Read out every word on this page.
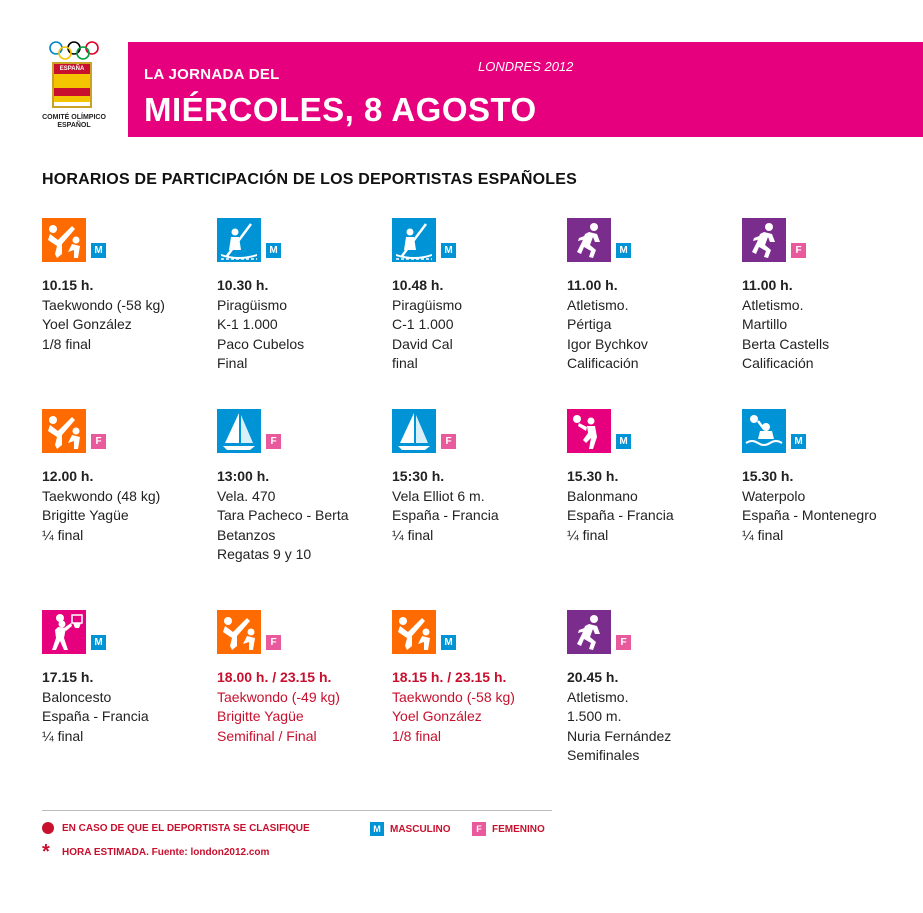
ESPAÑA
COMITÉ OLÍMPICO
ESPAÑOL
LA JORNADA DEL
MIÉRCOLES, 8 AGOSTO
LONDRES 2012
HORARIOS DE PARTICIPACIÓN DE LOS DEPORTISTAS ESPAÑOLES
M
10.15 h.
Taekwondo (-58 kg)
Yoel González
1/8 final
M
10.30 h.
Piragüismo
K-1 1.000
Paco Cubelos
Final
M
10.48 h.
Piragüismo
C-1 1.000
David Cal
final
M
11.00 h.
Atletismo.
Pértiga
Igor Bychkov
Calificación
F
11.00 h.
Atletismo.
Martillo
Berta Castells
Calificación
F
12.00 h.
Taekwondo (48 kg)
Brigitte Yagüe
¼ final
F
13:00 h.
Vela. 470
Tara Pacheco - Berta
Betanzos
Regatas 9 y 10
F
15:30 h.
Vela Elliot 6 m.
España - Francia
¼ final
M
15.30 h.
Balonmano
España - Francia
¼ final
M
15.30 h.
Waterpolo
España - Montenegro
¼ final
M
17.15 h.
Baloncesto
España - Francia
¼ final
F
18.00 h. / 23.15 h.
Taekwondo (-49 kg)
Brigitte Yagüe
Semifinal / Final
M
18.15 h. / 23.15 h.
Taekwondo (-58 kg)
Yoel González
1/8 final
F
20.45 h.
Atletismo.
1.500 m.
Nuria Fernández
Semifinales
EN CASO DE QUE EL DEPORTISTA SE CLASIFIQUE	M MASCULINO	F FEMENINO
* HORA ESTIMADA. Fuente: london2012.com
